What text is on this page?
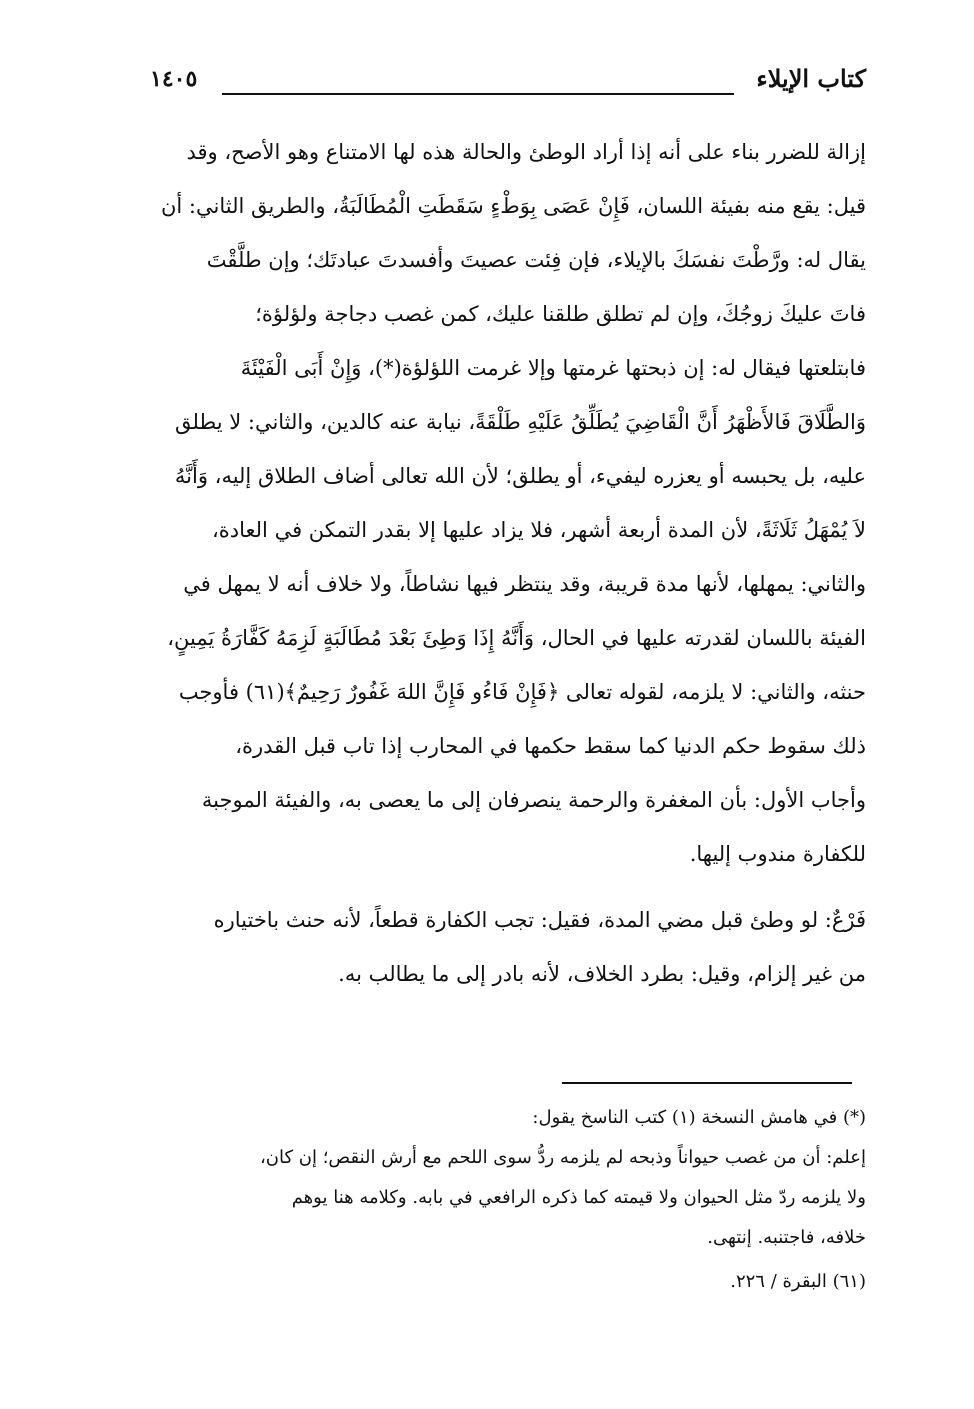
كتاب الإيلاء
١٤٠٥
إزالة للضرر بناء على أنه إذا أراد الوطئ والحالة هذه لها الامتناع وهو الأصح، وقد
قيل: يقع منه بفيئة اللسان، فَإِنْ عَصَى بِوَطْءٍ سَقَطَتِ الْمُطَالَبَةُ، والطريق الثاني: أن
يقال له: ورَّطْتَ نفسَكَ بالإيلاء، فإن فِئت عصيتَ وأفسدتَ عبادتَك؛ وإن طلَّقْتَ
فاتَ عليكَ زوجُكَ، وإن لم تطلق طلقنا عليك، كمن غصب دجاجة ولؤلؤة؛
فابتلعتها فيقال له: إن ذبحتها غرمتها وإلا غرمت اللؤلؤة(*)، وَإِنْ أَبَى الْفَيْئَةَ
وَالطَّلَاقَ فَالأَظْهَرُ أَنَّ الْقَاضِيَ يُطَلِّقُ عَلَيْهِ طَلْقَةً، نيابة عنه كالدين، والثاني: لا يطلق
عليه، بل يحبسه أو يعزره ليفيء، أو يطلق؛ لأن الله تعالى أضاف الطلاق إليه، وَأَنَّهُ
لاَ يُمْهَلُ ثَلَاثَةً، لأن المدة أربعة أشهر، فلا يزاد عليها إلا بقدر التمكن في العادة،
والثاني: يمهلها، لأنها مدة قريبة، وقد ينتظر فيها نشاطاً، ولا خلاف أنه لا يمهل في
الفيئة باللسان لقدرته عليها في الحال، وَأَنَّهُ إِذَا وَطِئَ بَعْدَ مُطَالَبَةٍ لَزِمَهُ كَفَّارَةُ يَمِينٍ،
حنثه، والثاني: لا يلزمه، لقوله تعالى ﴿فَإِنْ فَاءُو فَإِنَّ اللهَ غَفُورٌ رَحِيمٌ﴾(٦١) فأوجب
ذلك سقوط حكم الدنيا كما سقط حكمها في المحارب إذا تاب قبل القدرة،
وأجاب الأول: بأن المغفرة والرحمة ينصرفان إلى ما يعصى به، والفيئة الموجبة
للكفارة مندوب إليها.
فَرْعٌ: لو وطئ قبل مضي المدة، فقيل: تجب الكفارة قطعاً، لأنه حنث باختياره
من غير إلزام، وقيل: بطرد الخلاف، لأنه بادر إلى ما يطالب به.
(*) في هامش النسخة (١) كتب الناسخ يقول:
إعلم: أن من غصب حيواناً وذبحه لم يلزمه ردُّ سوى اللحم مع أرش النقص؛ إن كان،
ولا يلزمه ردّ مثل الحيوان ولا قيمته كما ذكره الرافعي في بابه. وكلامه هنا يوهم
خلافه، فاجتنبه. إنتهى.
(٦١) البقرة / ٢٢٦.
